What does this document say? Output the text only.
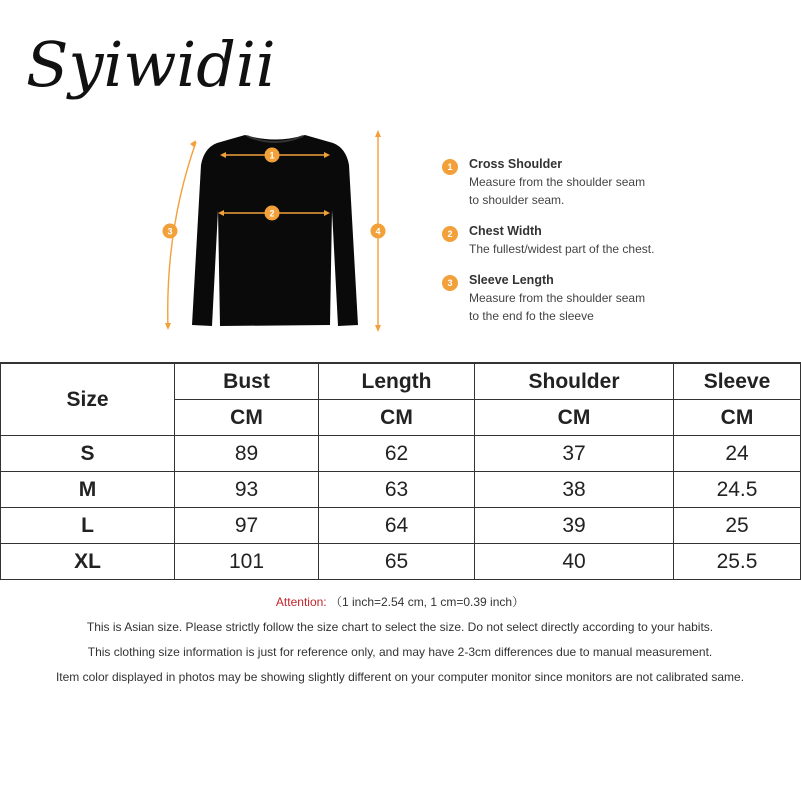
Syiwidii
1
2
3	4
1	Cross Shoulder
Measure from the shoulder seam
to shoulder seam.
2	Chest Width
The fullest/widest part of the chest.
3	Sleeve Length
Measure from the shoulder seam
to the end fo the sleeve
Size	Bust	Length	Shoulder	Sleeve
	CM	CM	CM	CM
S	89	62	37	24
M	93	63	38	24.5
L	97	64	39	25
XL	101	65	40	25.5
Attention: （1 inch=2.54 cm, 1 cm=0.39 inch）
This is Asian size. Please strictly follow the size chart to select the size. Do not select directly according to your habits.
This clothing size information is just for reference only, and may have 2-3cm differences due to manual measurement.
Item color displayed in photos may be showing slightly different on your computer monitor since monitors are not calibrated same.
